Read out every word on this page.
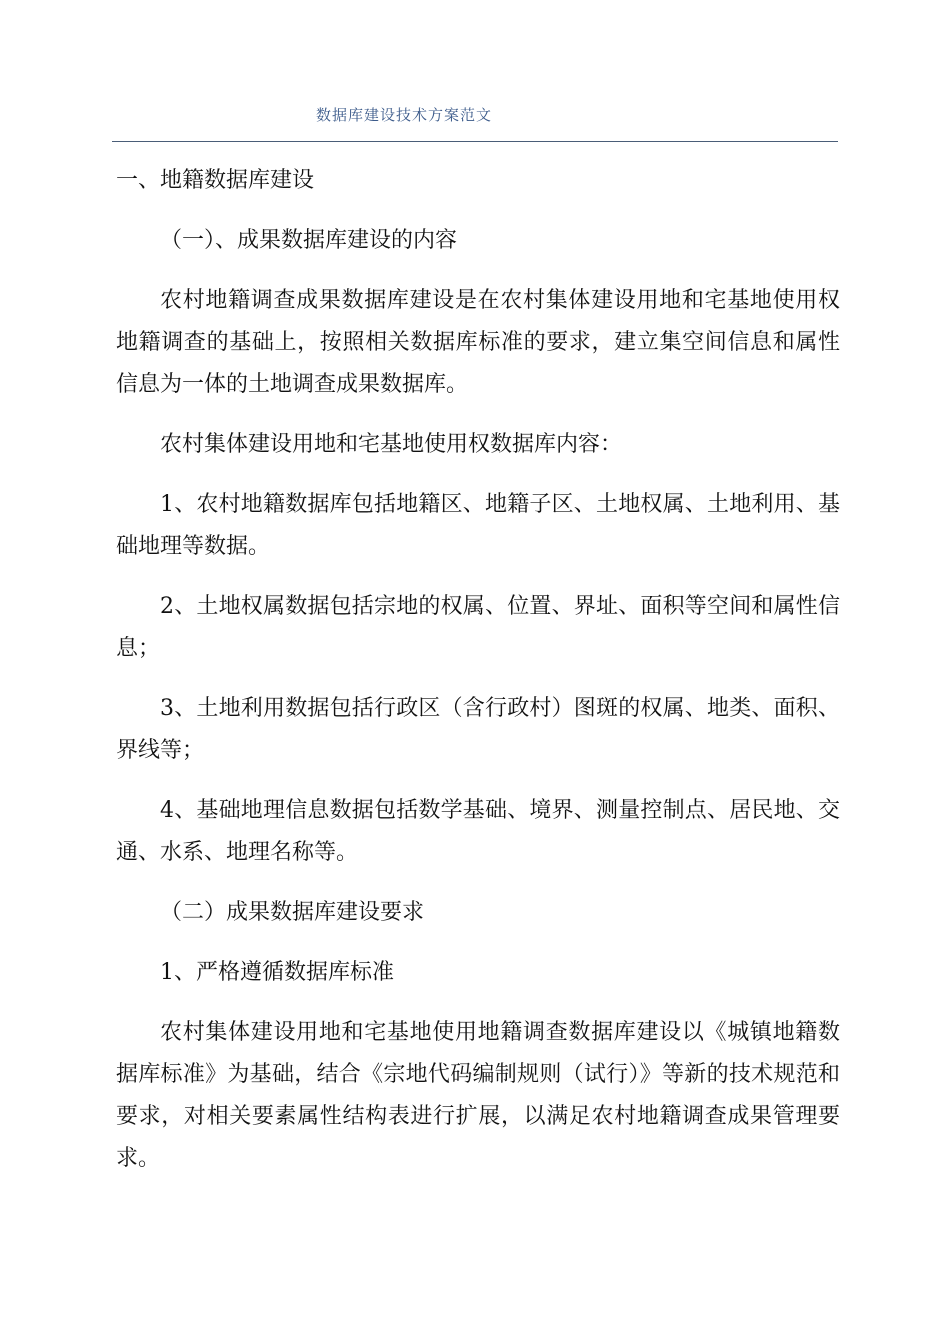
数据库建设技术方案范文

一、地籍数据库建设

（一）、成果数据库建设的内容

农村地籍调查成果数据库建设是在农村集体建设用地和宅基地使用权地籍调查的基础上，按照相关数据库标准的要求，建立集空间信息和属性信息为一体的土地调查成果数据库。

农村集体建设用地和宅基地使用权数据库内容：

1、农村地籍数据库包括地籍区、地籍子区、土地权属、土地利用、基础地理等数据。

2、土地权属数据包括宗地的权属、位置、界址、面积等空间和属性信息；

3、土地利用数据包括行政区（含行政村）图斑的权属、地类、面积、界线等；

4、基础地理信息数据包括数学基础、境界、测量控制点、居民地、交通、水系、地理名称等。

（二）成果数据库建设要求

1、严格遵循数据库标准

农村集体建设用地和宅基地使用地籍调查数据库建设以《城镇地籍数据库标准》为基础，结合《宗地代码编制规则（试行）》等新的技术规范和要求，对相关要素属性结构表进行扩展，以满足农村地籍调查成果管理要求。
